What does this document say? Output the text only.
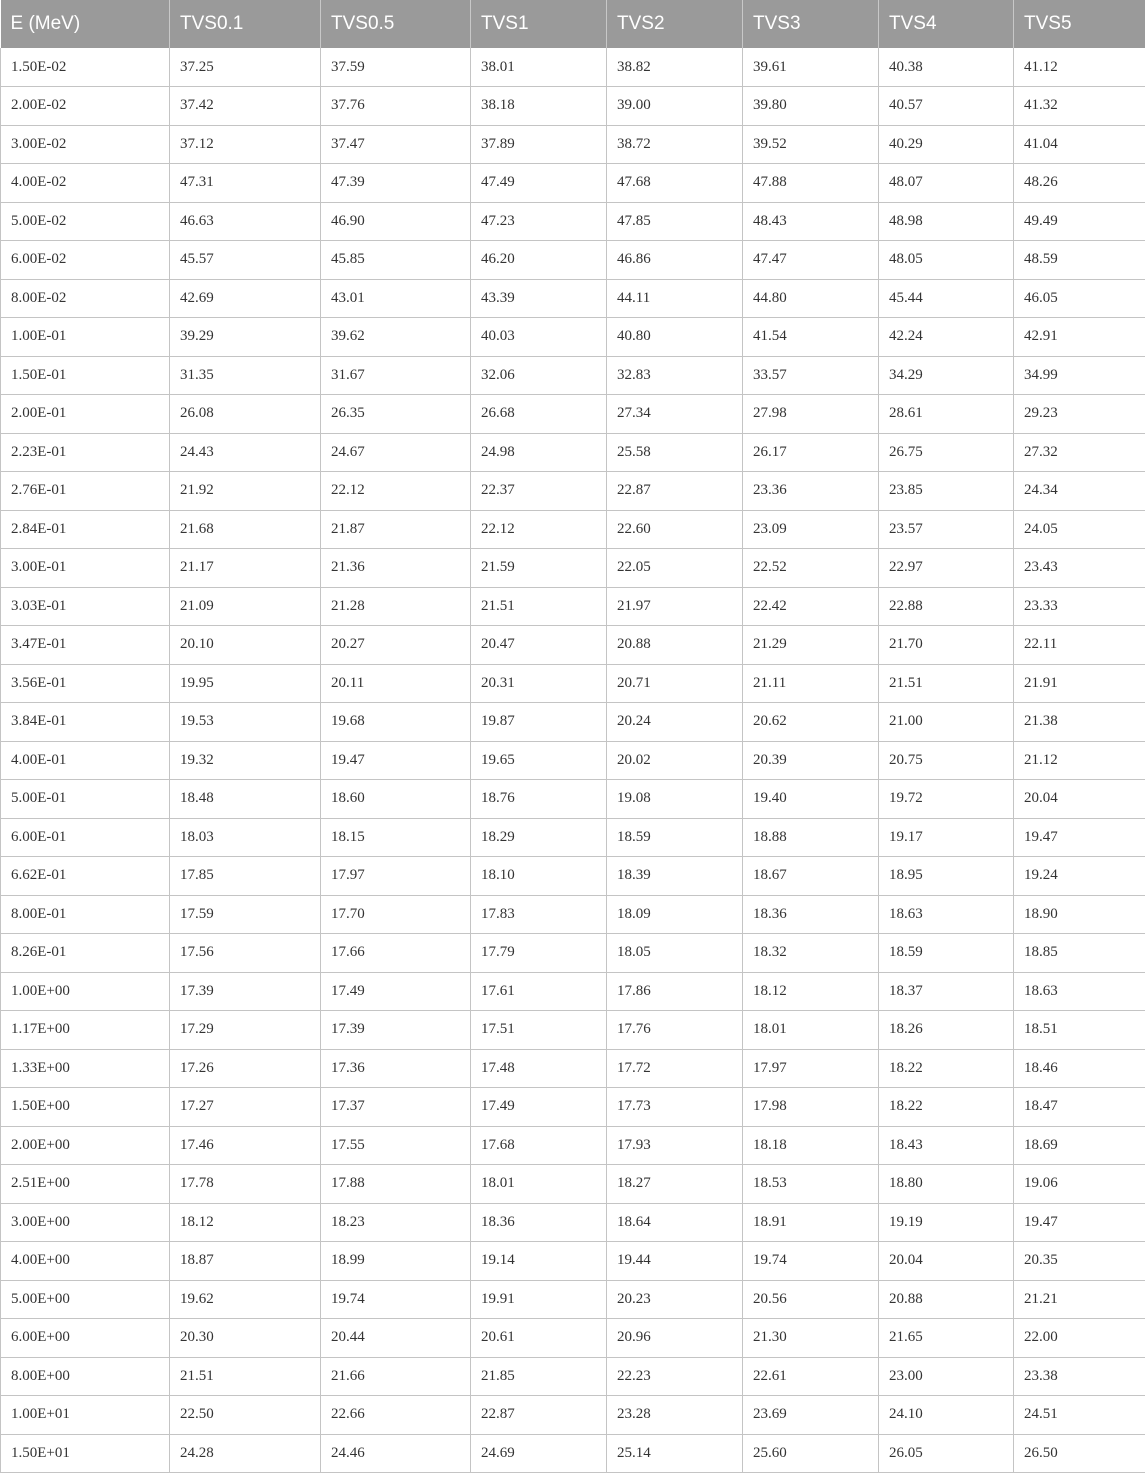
E (MeV)	TVS0.1	TVS0.5	TVS1	TVS2	TVS3	TVS4	TVS5
1.50E-02	37.25	37.59	38.01	38.82	39.61	40.38	41.12
2.00E-02	37.42	37.76	38.18	39.00	39.80	40.57	41.32
3.00E-02	37.12	37.47	37.89	38.72	39.52	40.29	41.04
4.00E-02	47.31	47.39	47.49	47.68	47.88	48.07	48.26
5.00E-02	46.63	46.90	47.23	47.85	48.43	48.98	49.49
6.00E-02	45.57	45.85	46.20	46.86	47.47	48.05	48.59
8.00E-02	42.69	43.01	43.39	44.11	44.80	45.44	46.05
1.00E-01	39.29	39.62	40.03	40.80	41.54	42.24	42.91
1.50E-01	31.35	31.67	32.06	32.83	33.57	34.29	34.99
2.00E-01	26.08	26.35	26.68	27.34	27.98	28.61	29.23
2.23E-01	24.43	24.67	24.98	25.58	26.17	26.75	27.32
2.76E-01	21.92	22.12	22.37	22.87	23.36	23.85	24.34
2.84E-01	21.68	21.87	22.12	22.60	23.09	23.57	24.05
3.00E-01	21.17	21.36	21.59	22.05	22.52	22.97	23.43
3.03E-01	21.09	21.28	21.51	21.97	22.42	22.88	23.33
3.47E-01	20.10	20.27	20.47	20.88	21.29	21.70	22.11
3.56E-01	19.95	20.11	20.31	20.71	21.11	21.51	21.91
3.84E-01	19.53	19.68	19.87	20.24	20.62	21.00	21.38
4.00E-01	19.32	19.47	19.65	20.02	20.39	20.75	21.12
5.00E-01	18.48	18.60	18.76	19.08	19.40	19.72	20.04
6.00E-01	18.03	18.15	18.29	18.59	18.88	19.17	19.47
6.62E-01	17.85	17.97	18.10	18.39	18.67	18.95	19.24
8.00E-01	17.59	17.70	17.83	18.09	18.36	18.63	18.90
8.26E-01	17.56	17.66	17.79	18.05	18.32	18.59	18.85
1.00E+00	17.39	17.49	17.61	17.86	18.12	18.37	18.63
1.17E+00	17.29	17.39	17.51	17.76	18.01	18.26	18.51
1.33E+00	17.26	17.36	17.48	17.72	17.97	18.22	18.46
1.50E+00	17.27	17.37	17.49	17.73	17.98	18.22	18.47
2.00E+00	17.46	17.55	17.68	17.93	18.18	18.43	18.69
2.51E+00	17.78	17.88	18.01	18.27	18.53	18.80	19.06
3.00E+00	18.12	18.23	18.36	18.64	18.91	19.19	19.47
4.00E+00	18.87	18.99	19.14	19.44	19.74	20.04	20.35
5.00E+00	19.62	19.74	19.91	20.23	20.56	20.88	21.21
6.00E+00	20.30	20.44	20.61	20.96	21.30	21.65	22.00
8.00E+00	21.51	21.66	21.85	22.23	22.61	23.00	23.38
1.00E+01	22.50	22.66	22.87	23.28	23.69	24.10	24.51
1.50E+01	24.28	24.46	24.69	25.14	25.60	26.05	26.50
